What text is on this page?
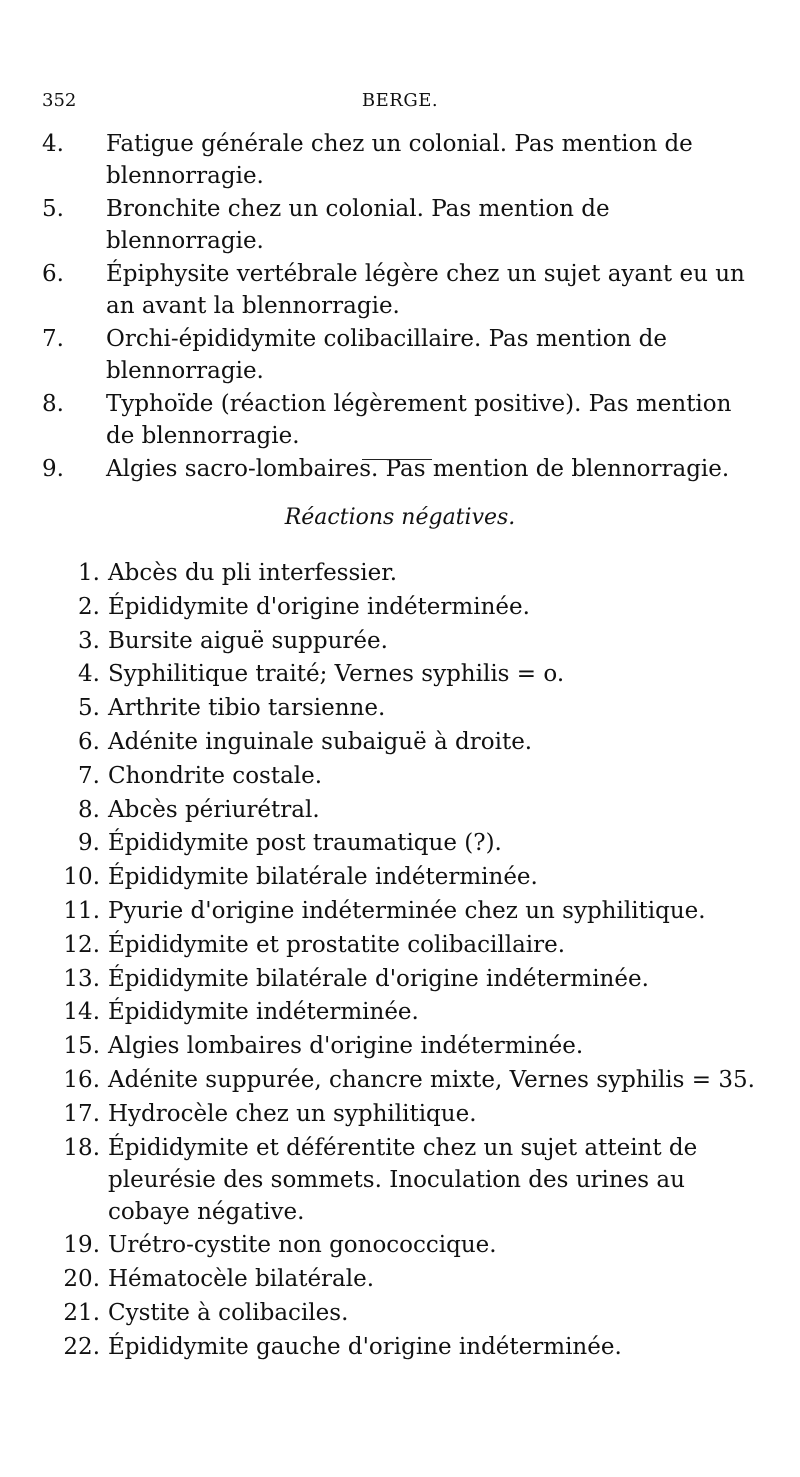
352	BERGE.
4.	Fatigue générale chez un colonial. Pas mention de blennorragie.
5.	Bronchite chez un colonial. Pas mention de blennorragie.
6.	Épiphysite vertébrale légère chez un sujet ayant eu un an avant la blennorragie.
7.	Orchi-épididymite colibacillaire. Pas mention de blennorragie.
8.	Typhoïde (réaction légèrement positive). Pas mention de blennorragie.
9.	Algies sacro-lombaires. Pas mention de blennorragie.
Réactions négatives.
1. Abcès du pli interfessier.
2. Épididymite d'origine indéterminée.
3. Bursite aiguë suppurée.
4. Syphilitique traité; Vernes syphilis = o.
5. Arthrite tibio tarsienne.
6. Adénite inguinale subaiguë à droite.
7. Chondrite costale.
8. Abcès périurétral.
9. Épididymite post traumatique (?).
10. Épididymite bilatérale indéterminée.
11. Pyurie d'origine indéterminée chez un syphilitique.
12. Épididymite et prostatite colibacillaire.
13. Épididymite bilatérale d'origine indéterminée.
14. Épididymite indéterminée.
15. Algies lombaires d'origine indéterminée.
16. Adénite suppurée, chancre mixte, Vernes syphilis = 35.
17. Hydrocèle chez un syphilitique.
18. Épididymite et déférentite chez un sujet atteint de pleurésie des sommets. Inoculation des urines au cobaye négative.
19. Urétro-cystite non gonococcique.
20. Hématocèle bilatérale.
21. Cystite à colibaciles.
22. Épididymite gauche d'origine indéterminée.
